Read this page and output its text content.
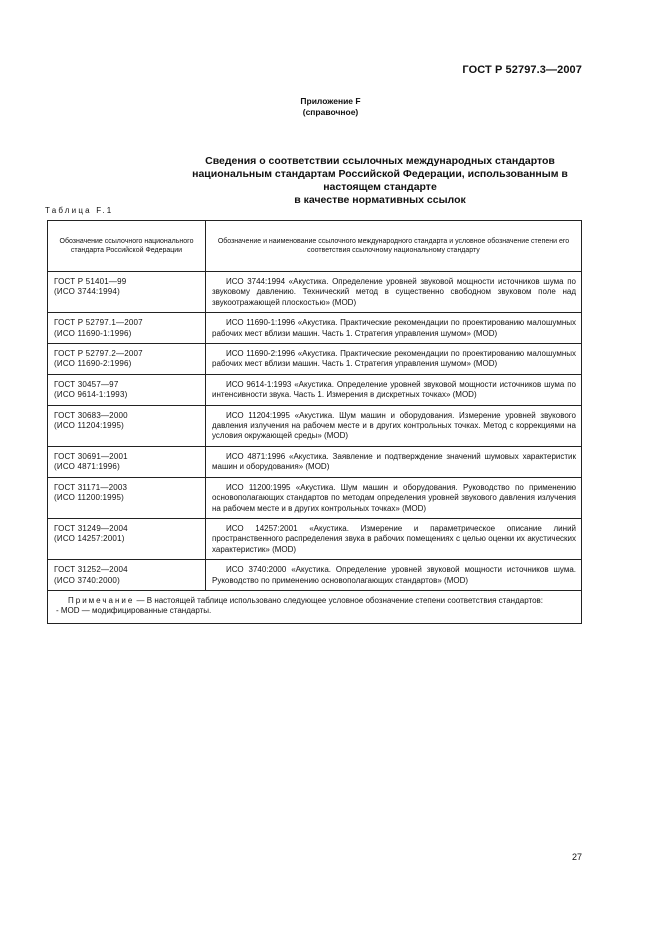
ГОСТ Р 52797.3—2007
Приложение F
(справочное)
Сведения о соответствии ссылочных международных стандартов
национальным стандартам Российской Федерации, использованным в настоящем стандарте
в качестве нормативных ссылок
Таблица F.1
Обозначение ссылочного национального стандарта Российской Федерации	Обозначение и наименование ссылочного международного стандарта и условное обозначение степени его соответствия ссылочному национальному стандарту
ГОСТ Р 51401—99
(ИСО 3744:1994)	ИСО 3744:1994 «Акустика. Определение уровней звуковой мощности источников шума по звуковому давлению. Технический метод в существенно свободном звуковом поле над звукоотражающей плоскостью» (MOD)
ГОСТ Р 52797.1—2007
(ИСО 11690-1:1996)	ИСО 11690-1:1996 «Акустика. Практические рекомендации по проектированию малошумных рабочих мест вблизи машин. Часть 1. Стратегия управления шумом» (MOD)
ГОСТ Р 52797.2—2007
(ИСО 11690-2:1996)	ИСО 11690-2:1996 «Акустика. Практические рекомендации по проектированию малошумных рабочих мест вблизи машин. Часть 1. Стратегия управления шумом» (MOD)
ГОСТ 30457—97
(ИСО 9614-1:1993)	ИСО 9614-1:1993 «Акустика. Определение уровней звуковой мощности источников шума по интенсивности звука. Часть 1. Измерения в дискретных точках» (MOD)
ГОСТ 30683—2000
(ИСО 11204:1995)	ИСО 11204:1995 «Акустика. Шум машин и оборудования. Измерение уровней звукового давления излучения на рабочем месте и в других контрольных точках. Метод с коррекциями на условия окружающей среды» (MOD)
ГОСТ 30691—2001
(ИСО 4871:1996)	ИСО 4871:1996 «Акустика. Заявление и подтверждение значений шумовых характеристик машин и оборудования» (MOD)
ГОСТ 31171—2003
(ИСО 11200:1995)	ИСО 11200:1995 «Акустика. Шум машин и оборудования. Руководство по применению основополагающих стандартов по методам определения уровней звукового давления излучения на рабочем месте и в других контрольных точках» (MOD)
ГОСТ 31249—2004
(ИСО 14257:2001)	ИСО 14257:2001 «Акустика. Измерение и параметрическое описание линий пространственного распределения звука в рабочих помещениях с целью оценки их акустических характеристик» (MOD)
ГОСТ 31252—2004
(ИСО 3740:2000)	ИСО 3740:2000 «Акустика. Определение уровней звуковой мощности источников шума. Руководство по применению основополагающих стандартов» (MOD)

Примечание — В настоящей таблице использовано следующее условное обозначение степени соответствия стандартов:
- MOD — модифицированные стандарты.	
27
